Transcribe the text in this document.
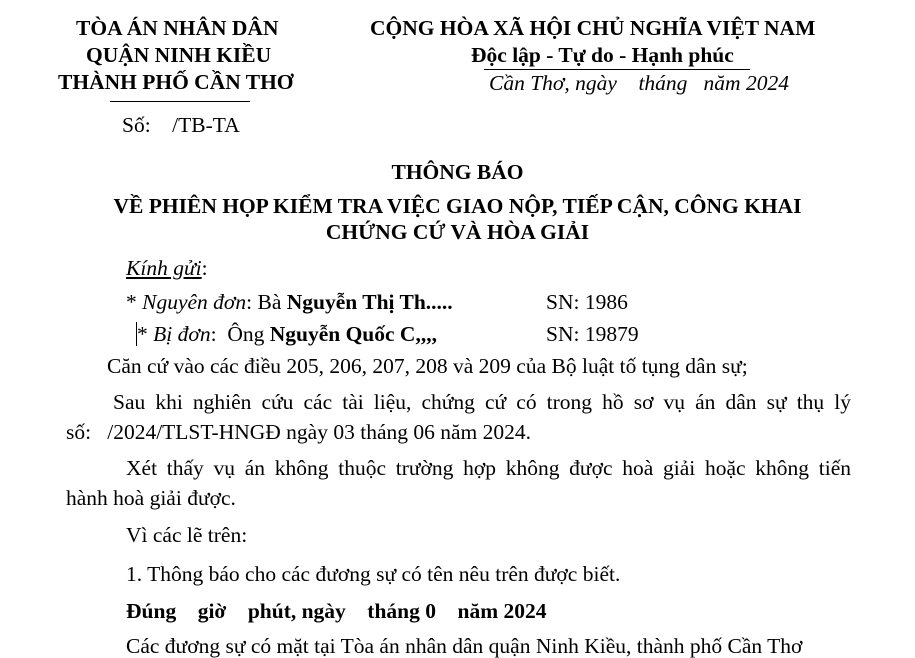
TÒA ÁN NHÂN DÂN
QUẬN NINH KIỀU
THÀNH PHỐ CẦN THƠ
Số:    /TB-TA
CỘNG HÒA XÃ HỘI CHỦ NGHĨA VIỆT NAM
Độc lập - Tự do - Hạnh phúc
Cần Thơ, ngày    tháng   năm 2024
THÔNG BÁO
VỀ PHIÊN HỌP KIỂM TRA VIỆC GIAO NỘP, TIẾP CẬN, CÔNG KHAI
CHỨNG CỨ VÀ HÒA GIẢI
Kính gửi:
* Nguyên đơn: Bà Nguyễn Thị Th.....	SN: 1986
* Bị đơn:  Ông Nguyễn Quốc C,,,,	SN: 19879
Căn cứ vào các điều 205, 206, 207, 208 và 209 của Bộ luật tố tụng dân sự;
Sau khi nghiên cứu các tài liệu, chứng cứ có trong hồ sơ vụ án dân sự thụ lý
số:   /2024/TLST-HNGĐ ngày 03 tháng 06 năm 2024.
Xét thấy vụ án không thuộc trường hợp không được hoà giải hoặc không tiến
hành hoà giải được.
Vì các lẽ trên:
1. Thông báo cho các đương sự có tên nêu trên được biết.
Đúng    giờ    phút, ngày    tháng 0    năm 2024
Các đương sự có mặt tại Tòa án nhân dân quận Ninh Kiều, thành phố Cần Thơ
